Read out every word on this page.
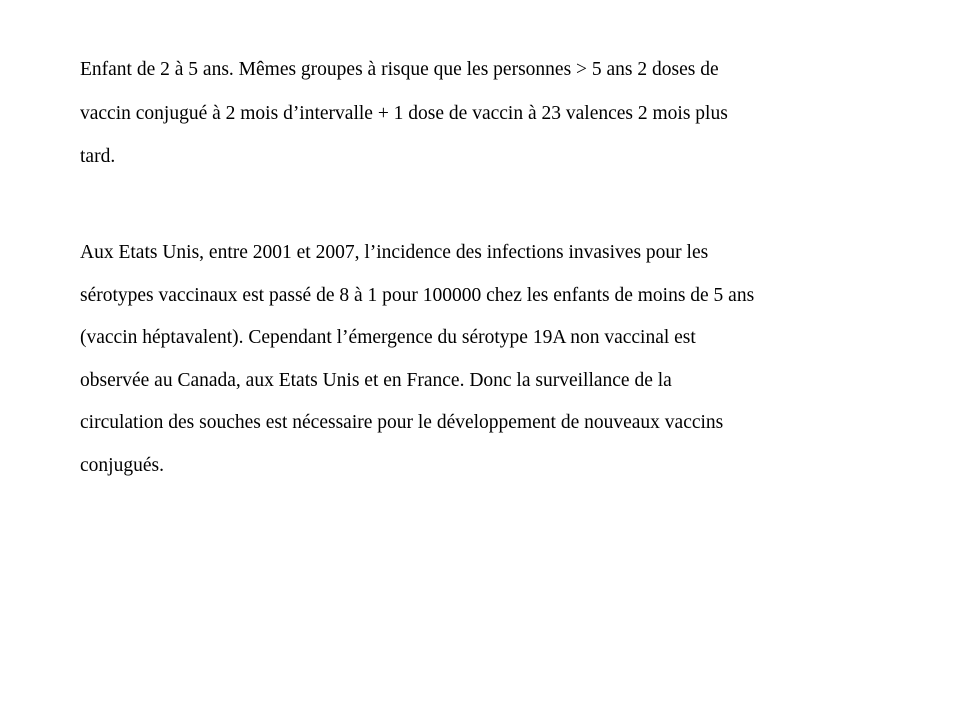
Enfant de 2 à 5 ans. Mêmes groupes à risque que les personnes > 5 ans 2 doses de
vaccin conjugué à 2 mois d’intervalle + 1 dose de vaccin à 23 valences 2 mois plus
tard.

Aux Etats Unis, entre 2001 et 2007, l’incidence des infections invasives pour les
sérotypes vaccinaux est passé de 8 à 1 pour 100000 chez les enfants de moins de 5 ans
(vaccin héptavalent). Cependant l’émergence du sérotype 19A non vaccinal est
observée au Canada, aux Etats Unis et en France. Donc la surveillance de la
circulation des souches est nécessaire pour le développement de nouveaux vaccins
conjugués.
